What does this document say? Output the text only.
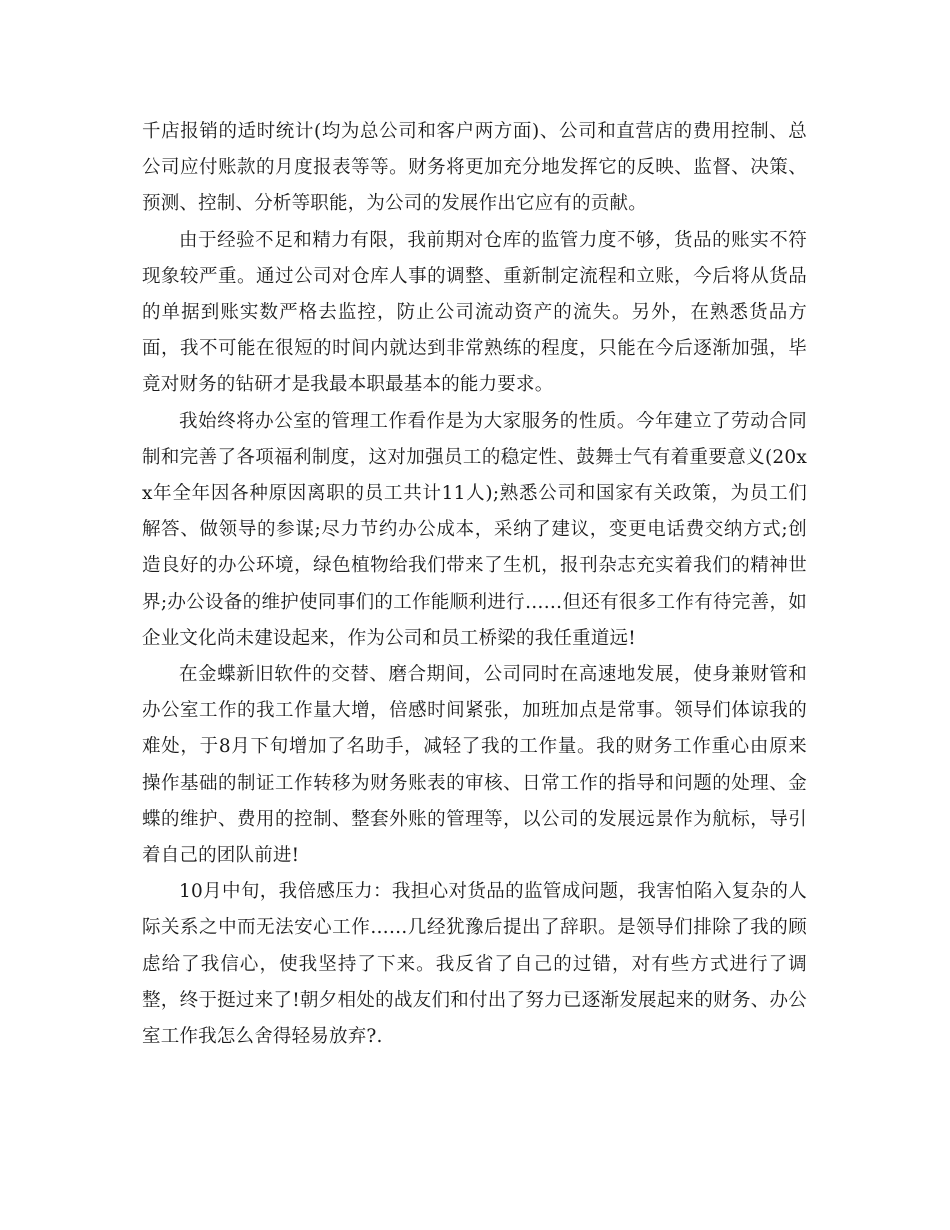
千店报销的适时统计(均为总公司和客户两方面)、公司和直营店的费用控制、总公司应付账款的月度报表等等。财务将更加充分地发挥它的反映、监督、决策、预测、控制、分析等职能，为公司的发展作出它应有的贡献。

由于经验不足和精力有限，我前期对仓库的监管力度不够，货品的账实不符现象较严重。通过公司对仓库人事的调整、重新制定流程和立账，今后将从货品的单据到账实数严格去监控，防止公司流动资产的流失。另外，在熟悉货品方面，我不可能在很短的时间内就达到非常熟练的程度，只能在今后逐渐加强，毕竟对财务的钻研才是我最本职最基本的能力要求。

我始终将办公室的管理工作看作是为大家服务的性质。今年建立了劳动合同制和完善了各项福利制度，这对加强员工的稳定性、鼓舞士气有着重要意义(20xx年全年因各种原因离职的员工共计11人);熟悉公司和国家有关政策，为员工们解答、做领导的参谋;尽力节约办公成本，采纳了建议，变更电话费交纳方式;创造良好的办公环境，绿色植物给我们带来了生机，报刊杂志充实着我们的精神世界;办公设备的维护使同事们的工作能顺利进行……但还有很多工作有待完善，如企业文化尚未建设起来，作为公司和员工桥梁的我任重道远!

在金蝶新旧软件的交替、磨合期间，公司同时在高速地发展，使身兼财管和办公室工作的我工作量大增，倍感时间紧张，加班加点是常事。领导们体谅我的难处，于8月下旬增加了名助手，减轻了我的工作量。我的财务工作重心由原来操作基础的制证工作转移为财务账表的审核、日常工作的指导和问题的处理、金蝶的维护、费用的控制、整套外账的管理等，以公司的发展远景作为航标，导引着自己的团队前进!

10月中旬，我倍感压力：我担心对货品的监管成问题，我害怕陷入复杂的人际关系之中而无法安心工作……几经犹豫后提出了辞职。是领导们排除了我的顾虑给了我信心，使我坚持了下来。我反省了自己的过错，对有些方式进行了调整，终于挺过来了!朝夕相处的战友们和付出了努力已逐渐发展起来的财务、办公室工作我怎么舍得轻易放弃?.
